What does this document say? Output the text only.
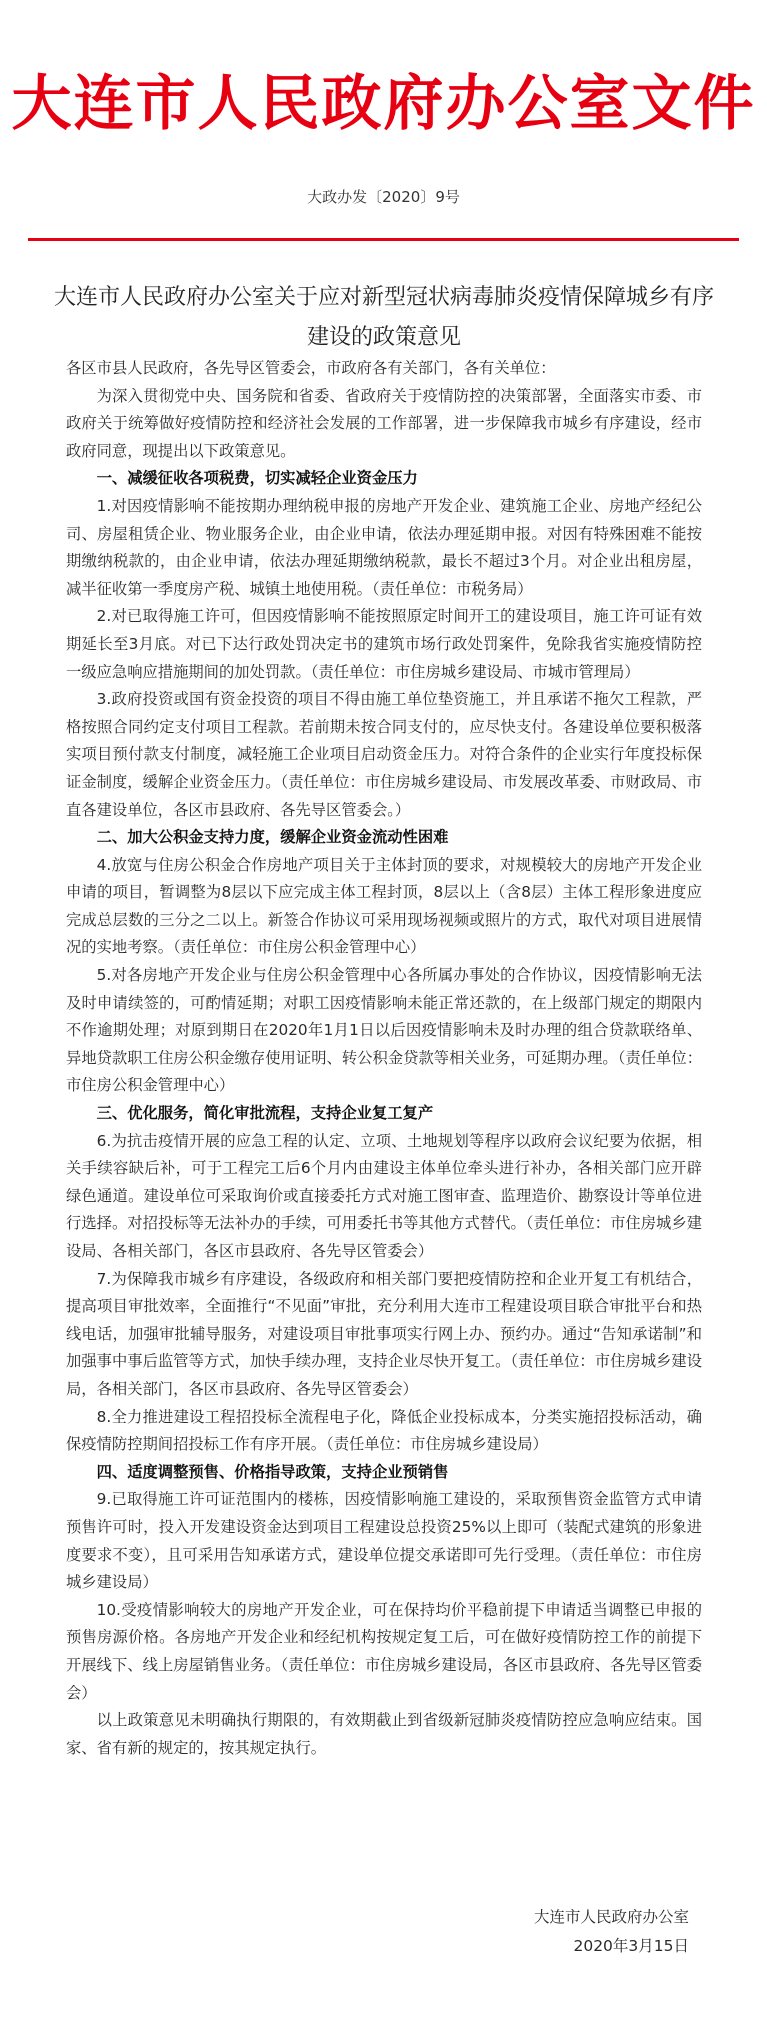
大连市人民政府办公室文件
大政办发〔2020〕9号
大连市人民政府办公室关于应对新型冠状病毒肺炎疫情保障城乡有序建设的政策意见

各区市县人民政府，各先导区管委会，市政府各有关部门，各有关单位：

为深入贯彻党中央、国务院和省委、省政府关于疫情防控的决策部署，全面落实市委、市政府关于统筹做好疫情防控和经济社会发展的工作部署，进一步保障我市城乡有序建设，经市政府同意，现提出以下政策意见。

一、减缓征收各项税费，切实减轻企业资金压力

1.对因疫情影响不能按期办理纳税申报的房地产开发企业、建筑施工企业、房地产经纪公司、房屋租赁企业、物业服务企业，由企业申请，依法办理延期申报。对因有特殊困难不能按期缴纳税款的，由企业申请，依法办理延期缴纳税款，最长不超过3个月。对企业出租房屋，减半征收第一季度房产税、城镇土地使用税。（责任单位：市税务局）

2.对已取得施工许可，但因疫情影响不能按照原定时间开工的建设项目，施工许可证有效期延长至3月底。对已下达行政处罚决定书的建筑市场行政处罚案件，免除我省实施疫情防控一级应急响应措施期间的加处罚款。（责任单位：市住房城乡建设局、市城市管理局）

3.政府投资或国有资金投资的项目不得由施工单位垫资施工，并且承诺不拖欠工程款，严格按照合同约定支付项目工程款。若前期未按合同支付的，应尽快支付。各建设单位要积极落实项目预付款支付制度，减轻施工企业项目启动资金压力。对符合条件的企业实行年度投标保证金制度，缓解企业资金压力。（责任单位：市住房城乡建设局、市发展改革委、市财政局、市直各建设单位，各区市县政府、各先导区管委会。）

二、加大公积金支持力度，缓解企业资金流动性困难

4.放宽与住房公积金合作房地产项目关于主体封顶的要求，对规模较大的房地产开发企业申请的项目，暂调整为8层以下应完成主体工程封顶，8层以上（含8层）主体工程形象进度应完成总层数的三分之二以上。新签合作协议可采用现场视频或照片的方式，取代对项目进展情况的实地考察。（责任单位：市住房公积金管理中心）

5.对各房地产开发企业与住房公积金管理中心各所属办事处的合作协议，因疫情影响无法及时申请续签的，可酌情延期；对职工因疫情影响未能正常还款的，在上级部门规定的期限内不作逾期处理；对原到期日在2020年1月1日以后因疫情影响未及时办理的组合贷款联络单、异地贷款职工住房公积金缴存使用证明、转公积金贷款等相关业务，可延期办理。（责任单位：市住房公积金管理中心）

三、优化服务，简化审批流程，支持企业复工复产

6.为抗击疫情开展的应急工程的认定、立项、土地规划等程序以政府会议纪要为依据，相关手续容缺后补，可于工程完工后6个月内由建设主体单位牵头进行补办，各相关部门应开辟绿色通道。建设单位可采取询价或直接委托方式对施工图审查、监理造价、勘察设计等单位进行选择。对招投标等无法补办的手续，可用委托书等其他方式替代。（责任单位：市住房城乡建设局、各相关部门，各区市县政府、各先导区管委会）

7.为保障我市城乡有序建设，各级政府和相关部门要把疫情防控和企业开复工有机结合，提高项目审批效率，全面推行“不见面”审批，充分利用大连市工程建设项目联合审批平台和热线电话，加强审批辅导服务，对建设项目审批事项实行网上办、预约办。通过“告知承诺制”和加强事中事后监管等方式，加快手续办理，支持企业尽快开复工。（责任单位：市住房城乡建设局，各相关部门，各区市县政府、各先导区管委会）

8.全力推进建设工程招投标全流程电子化，降低企业投标成本，分类实施招投标活动，确保疫情防控期间招投标工作有序开展。（责任单位：市住房城乡建设局）

四、适度调整预售、价格指导政策，支持企业预销售

9.已取得施工许可证范围内的楼栋，因疫情影响施工建设的，采取预售资金监管方式申请预售许可时，投入开发建设资金达到项目工程建设总投资25%以上即可（装配式建筑的形象进度要求不变），且可采用告知承诺方式，建设单位提交承诺即可先行受理。（责任单位：市住房城乡建设局）

10.受疫情影响较大的房地产开发企业，可在保持均价平稳前提下申请适当调整已申报的预售房源价格。各房地产开发企业和经纪机构按规定复工后，可在做好疫情防控工作的前提下开展线下、线上房屋销售业务。（责任单位：市住房城乡建设局，各区市县政府、各先导区管委会）

以上政策意见未明确执行期限的，有效期截止到省级新冠肺炎疫情防控应急响应结束。国家、省有新的规定的，按其规定执行。

大连市人民政府办公室
2020年3月15日
